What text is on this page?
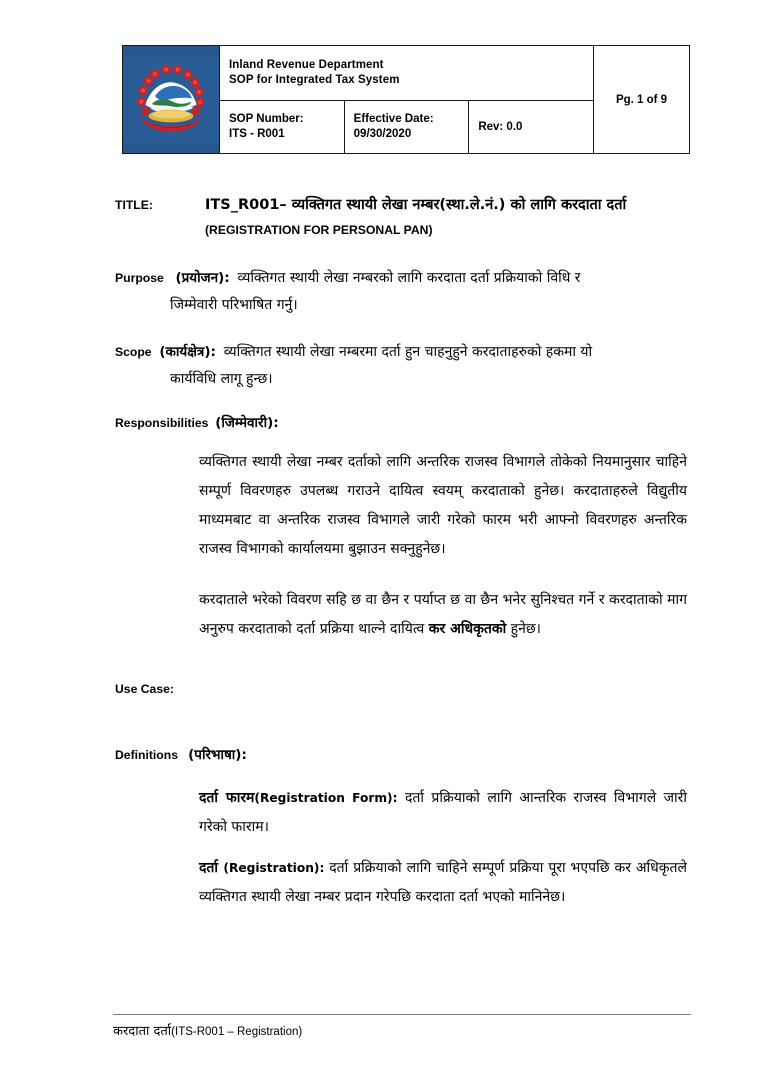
Inland Revenue Department
SOP for Integrated Tax System			Pg. 1 of 9

SOP Number:
ITS - R001

Effective Date:
09/30/2020

Rev: 0.0
TITLE:	ITS_R001– व्यक्तिगत स्थायी लेखा नम्बर(स्था.ले.नं.) को लागि करदाता दर्ता
(REGISTRATION FOR PERSONAL PAN)
Purpose (प्रयोजन): व्यक्तिगत स्थायी लेखा नम्बरको लागि करदाता दर्ता प्रक्रियाको विधि र
जिम्मेवारी परिभाषित गर्नु।
Scope (कार्यक्षेत्र): व्यक्तिगत स्थायी लेखा नम्बरमा दर्ता हुन चाहनुहुने करदाताहरुको हकमा यो
कार्यविधि लागू हुन्छ।
Responsibilities (जिम्मेवारी):
व्यक्तिगत स्थायी लेखा नम्बर दर्ताको लागि अन्तरिक राजस्व विभागले तोकेको नियमानुसार चाहिने सम्पूर्ण विवरणहरु उपलब्ध गराउने दायित्व स्वयम् करदाताको हुनेछ। करदाताहरुले विद्युतीय माध्यमबाट वा अन्तरिक राजस्व विभागले जारी गरेको फारम भरी आफ्नो विवरणहरु अन्तरिक राजस्व विभागको कार्यालयमा बुझाउन सक्नुहुनेछ।
करदाताले भरेको विवरण सहि छ वा छैन र पर्याप्त छ वा छैन भनेर सुनिश्चत गर्ने र करदाताको माग अनुरुप करदाताको दर्ता प्रक्रिया थाल्ने दायित्व कर अधिकृतको हुनेछ।
Use Case:
Definitions (परिभाषा):
दर्ता फारम(Registration Form): दर्ता प्रक्रियाको लागि आन्तरिक राजस्व विभागले जारी गरेको फाराम।
दर्ता (Registration): दर्ता प्रक्रियाको लागि चाहिने सम्पूर्ण प्रक्रिया पूरा भएपछि कर अधिकृतले व्यक्तिगत स्थायी लेखा नम्बर प्रदान गरेपछि करदाता दर्ता भएको मानिनेछ।
करदाता दर्ता(ITS-R001 – Registration)
